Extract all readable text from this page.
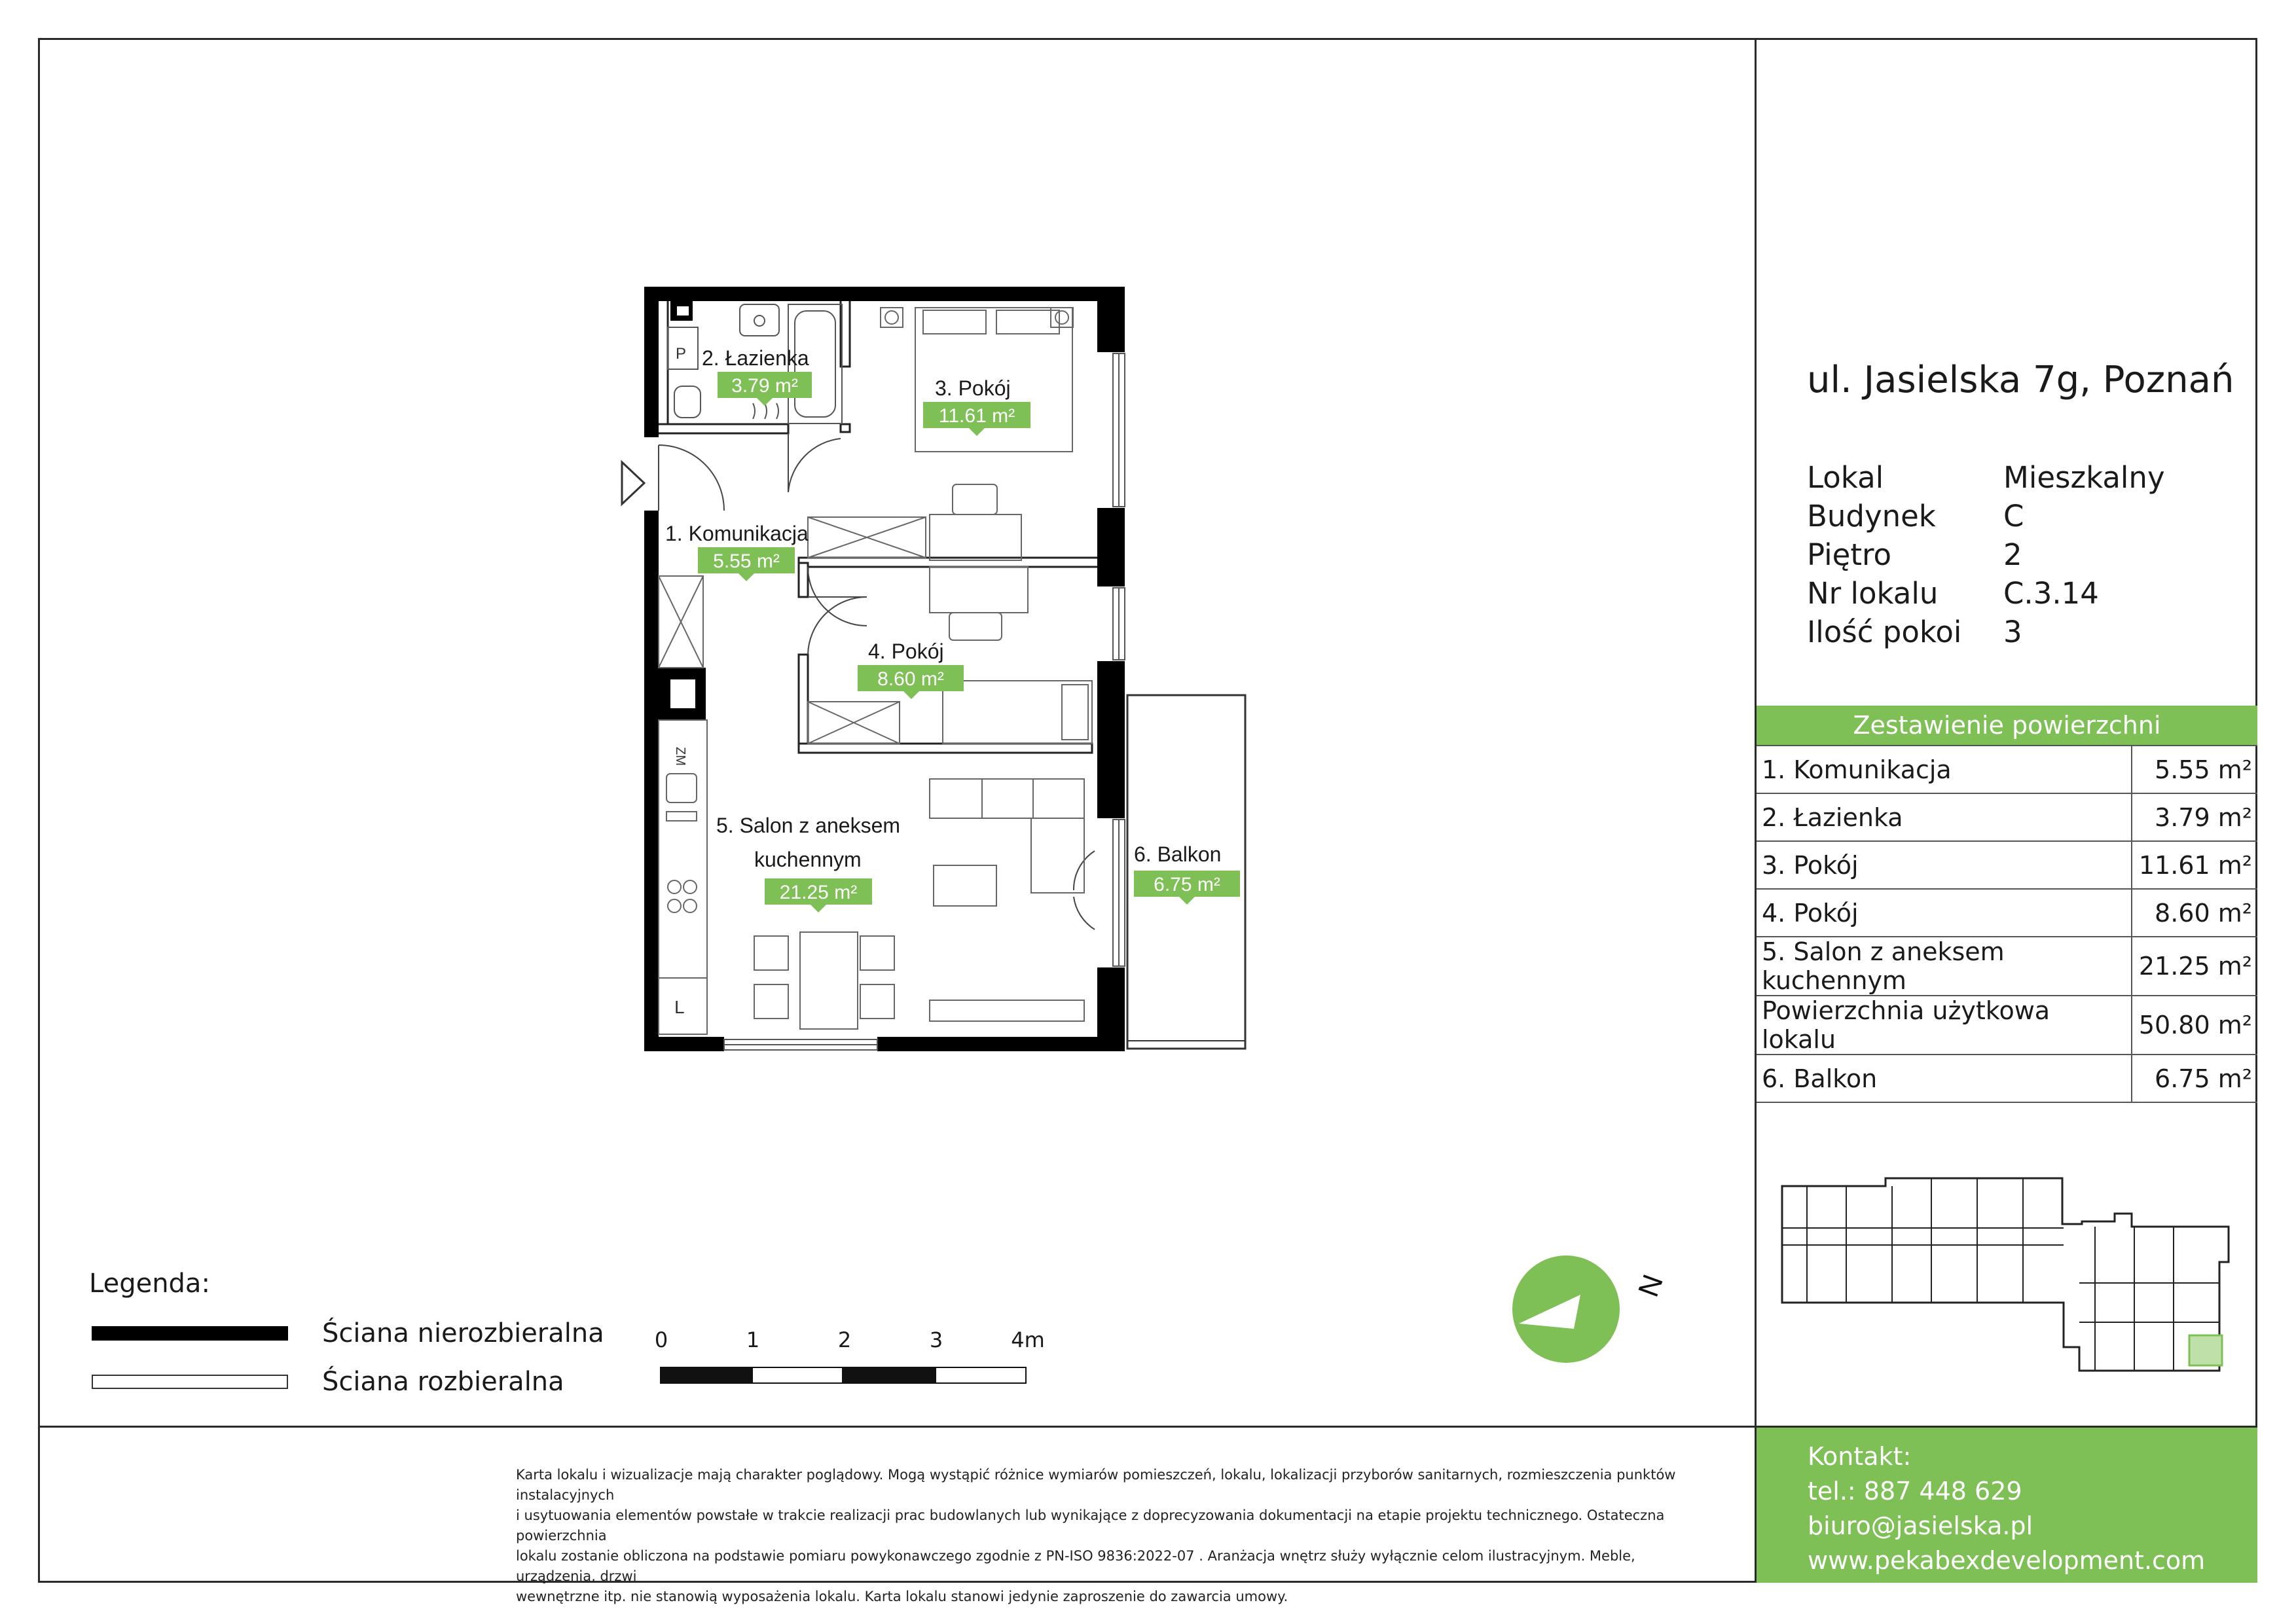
P
ZM
L
2. Łazienka
3. Pokój
1. Komunikacja
4. Pokój
5. Salon z aneksem
kuchennym	6. Balkon
3.79 m²
11.61 m²
5.55 m²
8.60 m²
21.25 m²	6.75 m²
N
ul. Jasielska 7g, Poznań
Lokal	Mieszkalny
Budynek	C
Piętro	2
Nr lokalu	C.3.14
Ilość pokoi	3
Zestawienie powierzchni	
1. Komunikacja	5.55 m²
2. Łazienka	3.79 m²
3. Pokój	11.61 m²
4. Pokój	8.60 m²
5. Salon z aneksem kuchennym	21.25 m²
Powierzchnia użytkowa lokalu	50.80 m²
6. Balkon	6.75 m²
Legenda:
Ściana nierozbieralna
Ściana rozbieralna
0	1	2	3	4m
Karta lokalu i wizualizacje mają charakter poglądowy. Mogą wystąpić różnice wymiarów pomieszczeń, lokalu, lokalizacji przyborów sanitarnych, rozmieszczenia punktów instalacyjnych
i usytuowania elementów powstałe w trakcie realizacji prac budowlanych lub wynikające z doprecyzowania dokumentacji na etapie projektu technicznego. Ostateczna powierzchnia
lokalu zostanie obliczona na podstawie pomiaru powykonawczego zgodnie z PN-ISO 9836:2022-07 . Aranżacja wnętrz służy wyłącznie celom ilustracyjnym. Meble, urządzenia, drzwi
wewnętrzne itp. nie stanowią wyposażenia lokalu. Karta lokalu stanowi jedynie zaproszenie do zawarcia umowy.
Kontakt:
tel.: 887 448 629
biuro@jasielska.pl
www.pekabexdevelopment.com
